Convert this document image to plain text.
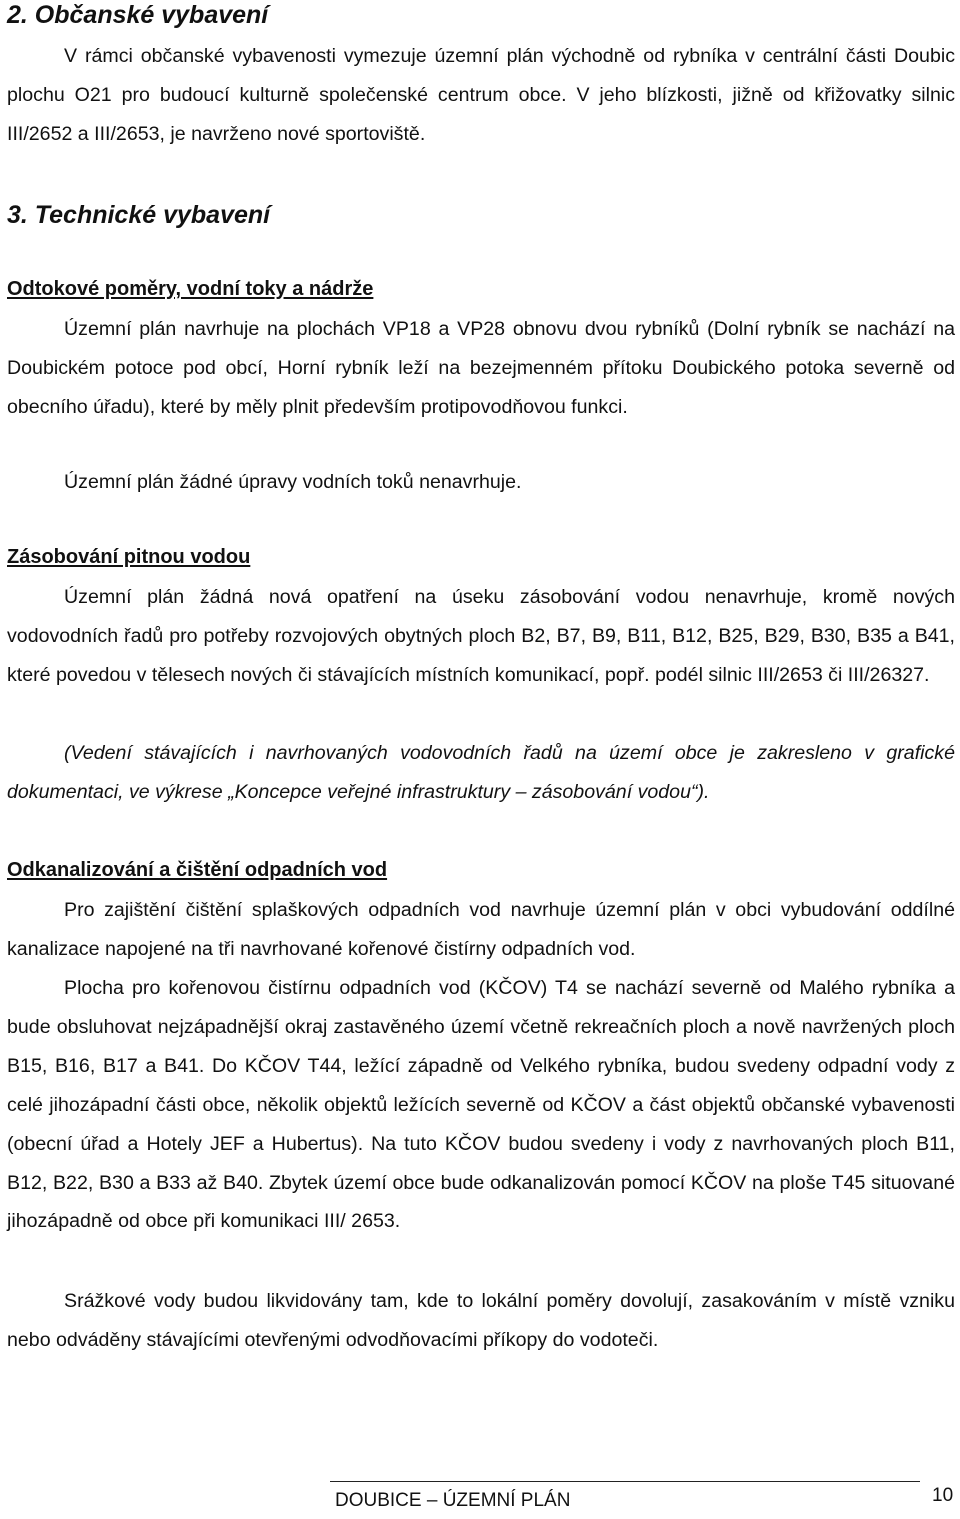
2. Občanské vybavení

V rámci občanské vybavenosti vymezuje územní plán východně od rybníka v centrální části Doubic plochu O21 pro budoucí kulturně společenské centrum obce. V jeho blízkosti, jižně od křižovatky silnic III/2652 a III/2653, je navrženo nové sportoviště.

3. Technické vybavení
Odtokové poměry, vodní toky a nádrže

Územní plán navrhuje na plochách VP18 a VP28 obnovu dvou rybníků (Dolní rybník se nachází na Doubickém potoce pod obcí, Horní rybník leží na bezejmenném přítoku Doubického potoka severně od obecního úřadu), které by měly plnit především protipovodňovou funkci.

Územní plán žádné úpravy vodních toků nenavrhuje.

Zásobování pitnou vodou

Územní plán žádná nová opatření na úseku zásobování vodou nenavrhuje, kromě nových vodovodních řadů pro potřeby rozvojových obytných ploch B2, B7, B9, B11, B12, B25, B29, B30, B35 a B41, které povedou v tělesech nových či stávajících místních komunikací, popř. podél silnic III/2653 či III/26327.

(Vedení stávajících i navrhovaných vodovodních řadů na území obce je zakresleno v grafické dokumentaci, ve výkrese „Koncepce veřejné infrastruktury – zásobování vodou“).

Odkanalizování a čištění odpadních vod

Pro zajištění čištění splaškových odpadních vod navrhuje územní plán v obci vybudování oddílné kanalizace napojené na tři navrhované kořenové čistírny odpadních vod.

Plocha pro kořenovou čistírnu odpadních vod (KČOV) T4 se nachází severně od Malého rybníka a bude obsluhovat nejzápadnější okraj zastavěného území včetně rekreačních ploch a nově navržených ploch B15, B16, B17 a B41. Do KČOV T44, ležící západně od Velkého rybníka, budou svedeny odpadní vody z celé jihozápadní části obce, několik objektů ležících severně od KČOV a část objektů občanské vybavenosti (obecní úřad a Hotely JEF a Hubertus). Na tuto KČOV budou svedeny i vody z navrhovaných ploch B11, B12, B22, B30 a B33 až B40. Zbytek území obce bude odkanalizován pomocí KČOV na ploše T45 situované jihozápadně od obce při komunikaci III/ 2653.

Srážkové vody budou likvidovány tam, kde to lokální poměry dovolují, zasakováním v místě vzniku nebo odváděny stávajícími otevřenými odvodňovacími příkopy do vodoteči.

DOUBICE – ÚZEMNÍ PLÁN	10
